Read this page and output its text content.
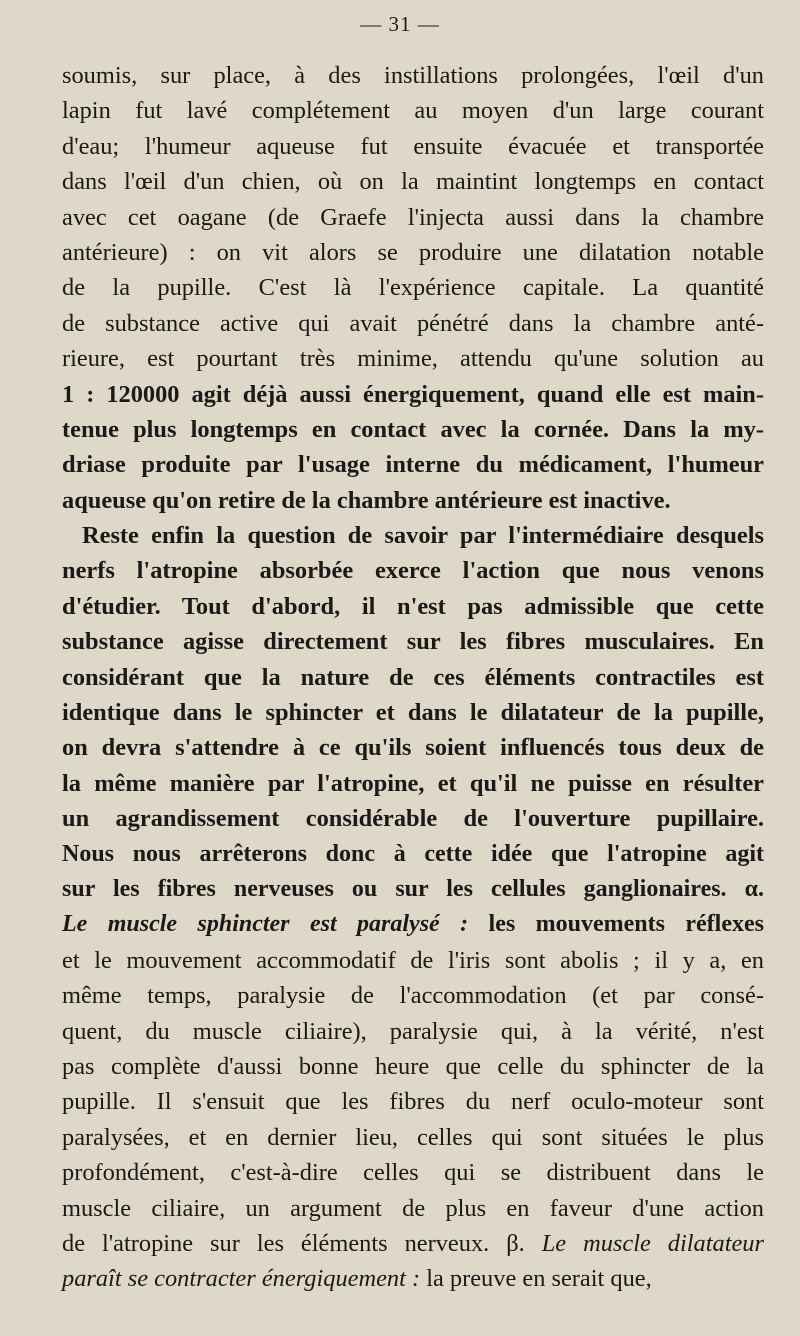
— 31 —
soumis, sur place, à des instillations prolongées, l'œil d'un
lapin fut lavé complétement au moyen d'un large courant
d'eau; l'humeur aqueuse fut ensuite évacuée et transportée
dans l'œil d'un chien, où on la maintint longtemps en contact
avec cet oagane (de Graefe l'injecta aussi dans la chambre
antérieure) : on vit alors se produire une dilatation notable
de la pupille. C'est là l'expérience capitale. La quantité
de substance active qui avait pénétré dans la chambre anté-
rieure, est pourtant très minime, attendu qu'une solution au
1 : 120000 agit déjà aussi énergiquement, quand elle est main-
tenue plus longtemps en contact avec la cornée. Dans la my-
driase produite par l'usage interne du médicament, l'humeur
aqueuse qu'on retire de la chambre antérieure est inactive.
Reste enfin la question de savoir par l'intermédiaire desquels
nerfs l'atropine absorbée exerce l'action que nous venons
d'étudier. Tout d'abord, il n'est pas admissible que cette
substance agisse directement sur les fibres musculaires. En
considérant que la nature de ces éléments contractiles est
identique dans le sphincter et dans le dilatateur de la pupille,
on devra s'attendre à ce qu'ils soient influencés tous deux de
la même manière par l'atropine, et qu'il ne puisse en résulter
un agrandissement considérable de l'ouverture pupillaire.
Nous nous arrêterons donc à cette idée que l'atropine agit
sur les fibres nerveuses ou sur les cellules ganglionaires. α.
Le muscle sphincter est paralysé : les mouvements réflexes
et le mouvement accommodatif de l'iris sont abolis ; il y a, en
même temps, paralysie de l'accommodation (et par consé-
quent, du muscle ciliaire), paralysie qui, à la vérité, n'est
pas complète d'aussi bonne heure que celle du sphincter de la
pupille. Il s'ensuit que les fibres du nerf oculo-moteur sont
paralysées, et en dernier lieu, celles qui sont situées le plus
profondément, c'est-à-dire celles qui se distribuent dans le
muscle ciliaire, un argument de plus en faveur d'une action
de l'atropine sur les éléments nerveux. β. Le muscle dilatateur
paraît se contracter énergiquement : la preuve en serait que,
